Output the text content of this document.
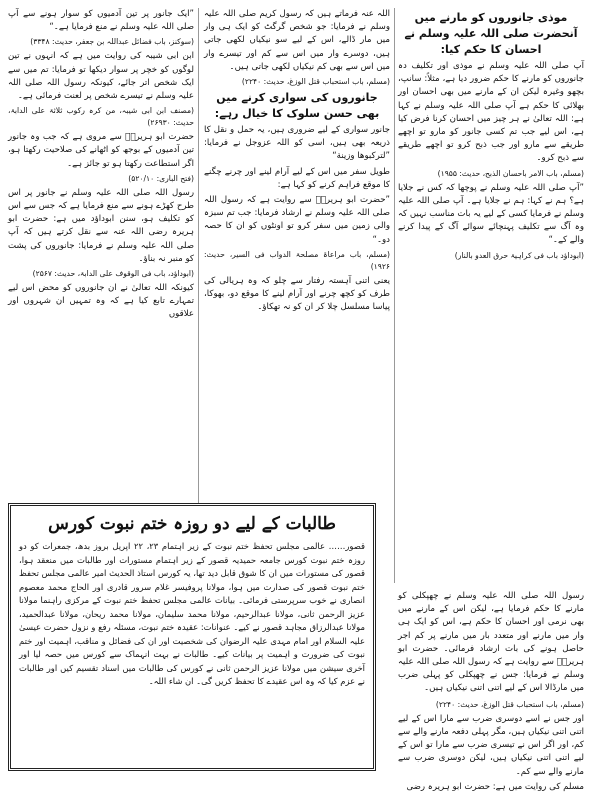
موذی جانوروں کو مارنے میں آنحضرت صلی اللہ علیہ وسلم نے احسان کا حکم کیا:

آپ صلی اللہ علیہ وسلم نے موذی اور تکلیف دہ جانوروں کو مارنے کا حکم ضرور دیا ہے، مثلاً: سانپ، بچھو وغیرہ لیکن ان کے مارنے میں بھی احسان اور بھلائی کا حکم ہے آپ صلی اللہ علیہ وسلم نے کہا ہے: اللہ تعالیٰ نے ہر چیز میں احسان کرنا فرض کیا ہے، اس لیے جب تم کسی جانور کو مارو تو اچھے طریقے سے مارو اور جب ذبح کرو تو اچھے طریقے سے ذبح کرو۔

(مسلم، باب الامر باحسان الذبح، حدیث: ۱۹۵۵)

”آپ صلی اللہ علیہ وسلم نے پوچھا کہ کس نے جلایا ہے؟ ہم نے کہا: ہم نے جلایا ہے۔ آپ صلی اللہ علیہ وسلم نے فرمایا کسی کے لیے یہ بات مناسب نہیں کہ وہ آگ سے تکلیف پہنچائے سوائے آگ کے پیدا کرنے والے کے۔“

(ابوداؤد باب فی کراہیۃ حرق العدو بالنار)

اللہ عنہ فرماتے ہیں کہ رسول کریم صلی اللہ علیہ وسلم نے فرمایا: جو شخص گرگٹ کو ایک ہی وار میں مار ڈالے، اس کے لیے سو نیکیاں لکھی جاتی ہیں، دوسرے وار میں اس سے کم اور تیسرے وار میں اس سے بھی کم نیکیاں لکھی جاتی ہیں۔

(مسلم، باب استحباب قتل الوزغ، حدیث: ۲۲۴۰)

جانوروں کی سواری کرنے میں بھی حسن سلوک کا خیال رہے:

جانور سواری کے لیے ضروری ہیں، یہ حمل و نقل کا ذریعہ بھی ہیں، اسی کو اللہ عزوجل نے فرمایا: ”لتركبوها وزينة“

طویل سفر میں اس کے لیے آرام لینے اور چرنے چگنے کا موقع فراہم کرنے کو کہا ہے:

”حضرت ابو ہریرہؓ سے روایت ہے کہ رسول اللہ صلی اللہ علیہ وسلم نے ارشاد فرمایا: جب تم سبزہ والی زمین میں سفر کرو تو اونٹوں کو ان کا حصہ دو۔“

(مسلم، باب مراعاۃ مصلحۃ الدواب فی السیر، حدیث: ۱۹۲۶)

یعنی اتنی آہستہ رفتار سے چلو کہ وہ ہریالی کی طرف کو کچھ چرنے اور آرام لینے کا موقع دو، بھوکا، پیاسا مسلسل چلا کر ان کو نہ تھکاؤ۔

”ایک جانور پر تین آدمیوں کو سوار ہونے سے آپ صلی اللہ علیہ وسلم نے منع فرمایا ہے۔“

(سوکنز، باب فضائل عبداللہ بن جعفر، حدیث: ۳۳۴۸)

ابن ابی شیبہ کی روایت میں ہے کہ انہوں نے تین لوگوں کو خچر پر سوار دیکھا تو فرمایا: تم میں سے ایک شخص اتر جائے، کیونکہ رسول اللہ صلی اللہ علیہ وسلم نے تیسرے شخص پر لعنت فرمائی ہے۔

(مصنف ابن ابی شیبہ، من کرہ رکوب ثلاثۃ علی الدابۃ، حدیث: ۲۶۹۳۰)

حضرت ابو ہریرہؓ سے مروی ہے کہ جب وہ جانور تین آدمیوں کے بوجھ کو اٹھانے کی صلاحیت رکھتا ہو، اگر استطاعت رکھتا ہو تو جائز ہے۔

(فتح الباری: ۵۲۰/۱۰)

رسول اللہ صلی اللہ علیہ وسلم نے جانور پر اس طرح کھڑے ہونے سے منع فرمایا ہے کہ جس سے اس کو تکلیف ہو، سنن ابوداؤد میں ہے: حضرت ابو ہریرہ رضی اللہ عنہ سے نقل کرتے ہیں کہ آپ صلی اللہ علیہ وسلم نے فرمایا: جانوروں کی پشت کو منبر نہ بناؤ۔

(ابوداؤد، باب فی الوقوف علی الدابۃ، حدیث: ۲۵۶۷)

کیونکہ اللہ تعالیٰ نے ان جانوروں کو محض اس لیے تمہارے تابع کیا ہے کہ وہ تمہیں ان شہروں اور علاقوں

رسول اللہ صلی اللہ علیہ وسلم نے چھپکلی کو مارنے کا حکم فرمایا ہے، لیکن اس کے مارنے میں بھی نرمی اور احسان کا حکم ہے، اس کو ایک ہی وار میں مارنے اور متعدد بار میں مارنے پر کم اجر حاصل ہونے کی بات ارشاد فرمائی۔ حضرت ابو ہریرہؓ سے روایت ہے کہ رسول اللہ صلی اللہ علیہ وسلم نے فرمایا: جس نے چھپکلی کو پہلی ضرب میں مارڈالا اس کے لیے اتنی اتنی نیکیاں ہیں۔

(مسلم، باب استحباب قتل الوزغ، حدیث: ۲۲۴۰)

اور جس نے اسے دوسری ضرب سے مارا اس کے لیے اتنی اتنی نیکیاں ہیں، مگر پہلی دفعہ مارنے والے سے کم، اور اگر اس نے تیسری ضرب سے مارا تو اس کے لیے اتنی اتنی نیکیاں ہیں، لیکن دوسری ضرب سے مارنے والے سے کم۔

مسلم کی روایت میں ہے: حضرت ابو ہریرہ رضی

طالبات کے لیے دو روزہ ختم نبوت کورس
قصور…… عالمی مجلس تحفظ ختم نبوت کے زیر اہتمام ۲۳، ۲۲ اپریل بروز بدھ، جمعرات کو دو روزہ ختم نبوت کورس جامعہ حمیدیہ قصور کے زیر اہتمام مستورات اور طالبات میں منعقد ہوا، قصور کی مستورات میں ان کا شوق قابل دید تھا، یہ کورس استاذ الحدیث امیر عالمی مجلس تحفظ ختم نبوت قصور کی صدارت میں ہوا، مولانا پروفیسر غلام سرور قادری اور الحاج محمد معصوم انصاری نے خوب سرپرستی فرمائی۔ بیانات عالمی مجلس تحفظ ختم نبوت کے مرکزی راہنما مولانا عزیز الرحمن ثانی، مولانا عبدالرحیم، مولانا محمد سلیمان، مولانا محمد ریحان، مولانا عبدالحمید، مولانا عبدالرزاق مجاہد قصور نے کیے۔ عنوانات: عقیدہ ختم نبوت، مسئلہ رفع و نزول حضرت عیسیٰ علیہ السلام اور امام مہدی علیہ الرضوان کی شخصیت اور ان کی فضائل و مناقب، اہمیت اور ختم نبوت کی ضرورت و اہمیت پر بیانات کیے۔ طالبات نے بہت انہماک سے کورس میں حصہ لیا اور آخری سیشن میں مولانا عزیز الرحمن ثانی نے کورس کی طالبات میں اسناد تقسیم کیں اور طالبات نے عزم کیا کہ وہ اس عقیدے کا تحفظ کریں گی۔ ان شاء اللہ۔
